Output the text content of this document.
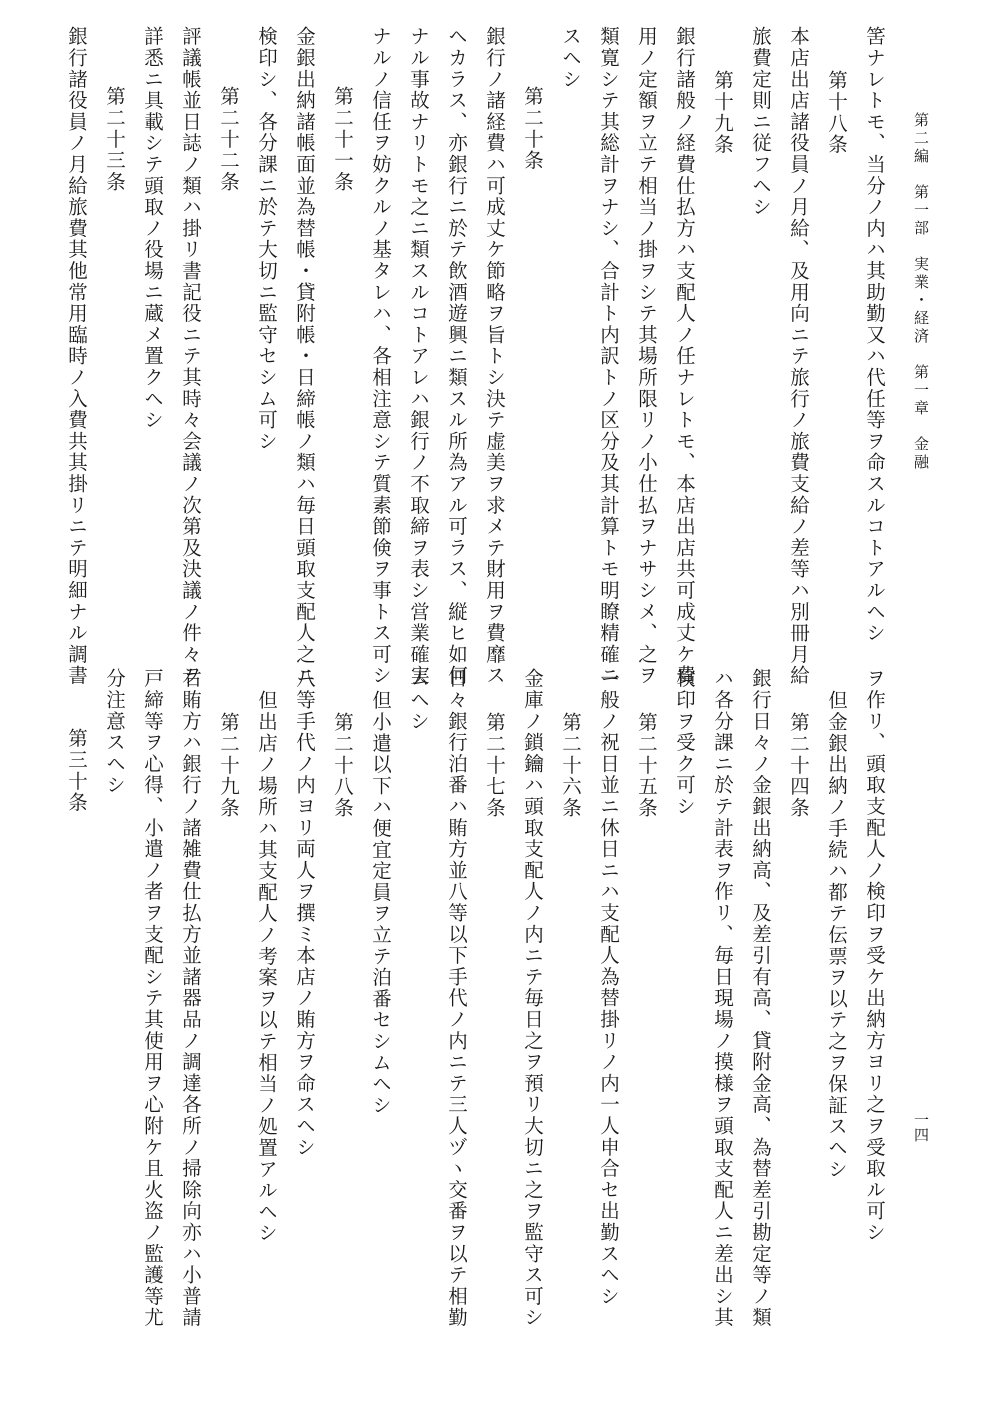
第二編　第一部　実業・経済　第一章　金融
一四
筈ナレトモ、当分ノ内ハ其助勤又ハ代任等ヲ命スルコトアルヘシ
第十八条
本店出店諸役員ノ月給、及用向ニテ旅行ノ旅費支給ノ差等ハ別冊月給
旅費定則ニ従フヘシ
第十九条
銀行諸般ノ経費仕払方ハ支配人ノ任ナレトモ、本店出店共可成丈ケ費
用ノ定額ヲ立テ相当ノ掛ヲシテ其場所限リノ小仕払ヲナサシメ、之ヲ
類寛シテ其総計ヲナシ、合計ト内訳トノ区分及其計算トモ明瞭精確ニ
スヘシ
第二十条
銀行ノ諸経費ハ可成丈ケ節略ヲ旨トシ決テ虚美ヲ求メテ財用ヲ費靡ス
ヘカラス、亦銀行ニ於テ飲酒遊興ニ類スル所為アル可ラス、縦ヒ如何
ナル事故ナリトモ之ニ類スルコトアレハ銀行ノ不取締ヲ表シ営業確実
ナルノ信任ヲ妨クルノ基タレハ、各相注意シテ質素節倹ヲ事トス可シ
第二十一条
金銀出納諸帳面並為替帳・貸附帳・日締帳ノ類ハ毎日頭取支配人之ニ
検印シ、各分課ニ於テ大切ニ監守セシム可シ
第二十二条
評議帳並日誌ノ類ハ掛リ書記役ニテ其時々会議ノ次第及決議ノ件々ヲ
詳悉ニ具載シテ頭取ノ役場ニ蔵メ置クヘシ
第二十三条
銀行諸役員ノ月給旅費其他常用臨時ノ入費共其掛リニテ明細ナル調書
ヲ作リ、頭取支配人ノ検印ヲ受ケ出納方ヨリ之ヲ受取ル可シ
但金銀出納ノ手続ハ都テ伝票ヲ以テ之ヲ保証スヘシ
第二十四条
銀行日々ノ金銀出納高、及差引有高、貸附金高、為替差引勘定等ノ類
ハ各分課ニ於テ計表ヲ作リ、毎日現場ノ摸様ヲ頭取支配人ニ差出シ其
検印ヲ受ク可シ
第二十五条
一般ノ祝日並ニ休日ニハ支配人為替掛リノ内一人申合セ出勤スヘシ
第二十六条
金庫ノ鎖鑰ハ頭取支配人ノ内ニテ毎日之ヲ預リ大切ニ之ヲ監守ス可シ
第二十七条
日々銀行泊番ハ賄方並八等以下手代ノ内ニテ三人ヅヽ交番ヲ以テ相勤
ムヘシ
但小遣以下ハ便宜定員ヲ立テ泊番セシムヘシ
第二十八条
八等手代ノ内ヨリ両人ヲ撰ミ本店ノ賄方ヲ命スヘシ
但出店ノ場所ハ其支配人ノ考案ヲ以テ相当ノ処置アルヘシ
第二十九条
右賄方ハ銀行ノ諸雑費仕払方並諸器品ノ調達各所ノ掃除向亦ハ小普請
戸締等ヲ心得、小遣ノ者ヲ支配シテ其使用ヲ心附ケ且火盗ノ監護等尤
分注意スヘシ
第三十条
